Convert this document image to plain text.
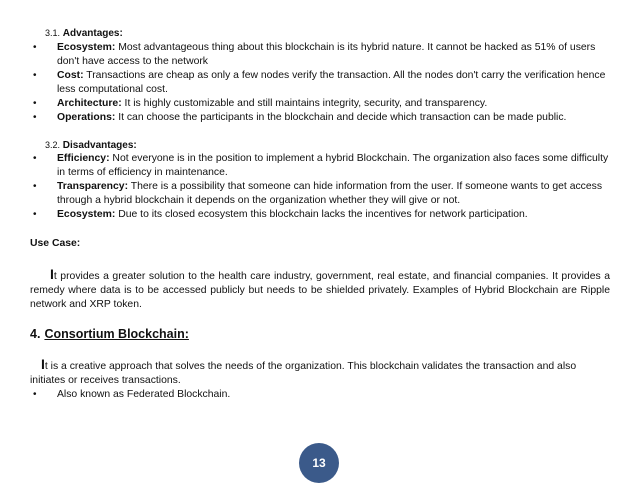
3.1. Advantages:
• Ecosystem: Most advantageous thing about this blockchain is its hybrid nature. It cannot be hacked as 51% of users don't have access to the network
• Cost: Transactions are cheap as only a few nodes verify the transaction. All the nodes don't carry the verification hence less computational cost.
• Architecture: It is highly customizable and still maintains integrity, security, and transparency.
• Operations: It can choose the participants in the blockchain and decide which transaction can be made public.
3.2. Disadvantages:
• Efficiency: Not everyone is in the position to implement a hybrid Blockchain. The organization also faces some difficulty in terms of efficiency in maintenance.
• Transparency: There is a possibility that someone can hide information from the user. If someone wants to get access through a hybrid blockchain it depends on the organization whether they will give or not.
• Ecosystem: Due to its closed ecosystem this blockchain lacks the incentives for network participation.
Use Case:
It provides a greater solution to the health care industry, government, real estate, and financial companies. It provides a remedy where data is to be accessed publicly but needs to be shielded privately. Examples of Hybrid Blockchain are Ripple network and XRP token.
4. Consortium Blockchain:
It is a creative approach that solves the needs of the organization. This blockchain validates the transaction and also initiates or receives transactions.
• Also known as Federated Blockchain.
13
